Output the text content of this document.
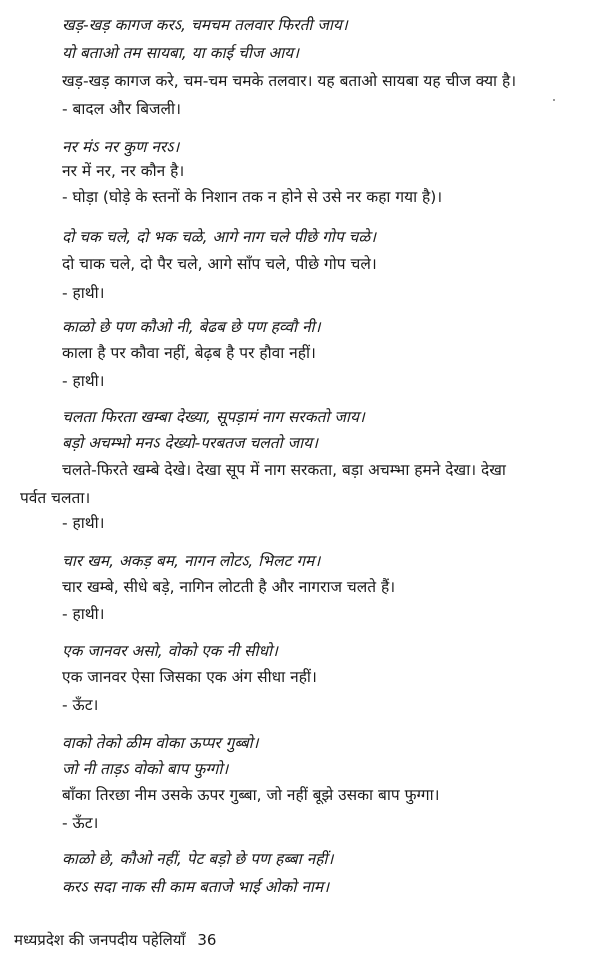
खड़-खड़ कागज करऽ, चमचम तलवार फिरती जाय।
यो बताओ तम सायबा, या काई चीज आय।
खड़-खड़ कागज करे, चम-चम चमके तलवार। यह बताओ सायबा यह चीज क्या है।
- बादल और बिजली।
नर मंऽ नर कुण नरऽ।
नर में नर, नर कौन है।
- घोड़ा (घोड़े के स्तनों के निशान तक न होने से उसे नर कहा गया है)।
दो चक चले, दो भक चळे, आगे नाग चले पीछे गोप चळे।
दो चाक चले, दो पैर चले, आगे साँप चले, पीछे गोप चले।
- हाथी।
काळो छे पण कौओ नी, बेढब छे पण हव्वौ नी।
काला है पर कौवा नहीं, बेढ़ब है पर हौवा नहीं।
- हाथी।
चलता फिरता खम्बा देख्या, सूपड़ामं नाग सरकतो जाय।
बड़ो अचम्भो मनऽ देख्यो-परबतज चलतो जाय।
चलते-फिरते खम्बे देखे। देखा सूप में नाग सरकता, बड़ा अचम्भा हमने देखा। देखा
पर्वत चलता।
- हाथी।
चार खम, अकड़ बम, नागन लोटऽ, भिलट गम।
चार खम्बे, सीधे बड़े, नागिन लोटती है और नागराज चलते हैं।
- हाथी।
एक जानवर असो, वोको एक नी सीधो।
एक जानवर ऐसा जिसका एक अंग सीधा नहीं।
- ऊँट।
वाको तेको ळीम वोका ऊप्पर गुब्बो।
जो नी ताड़ऽ वोको बाप फुग्गो।
बाँका तिरछा नीम उसके ऊपर गुब्बा, जो नहीं बूझे उसका बाप फुग्गा।
- ऊँट।
काळो छे, कौओ नहीं, पेट बड़ो छे पण हब्बा नहीं।
करऽ सदा नाक सी काम बताजे भाई ओको नाम।
मध्यप्रदेश की जनपदीय पहेलियाँ 36
